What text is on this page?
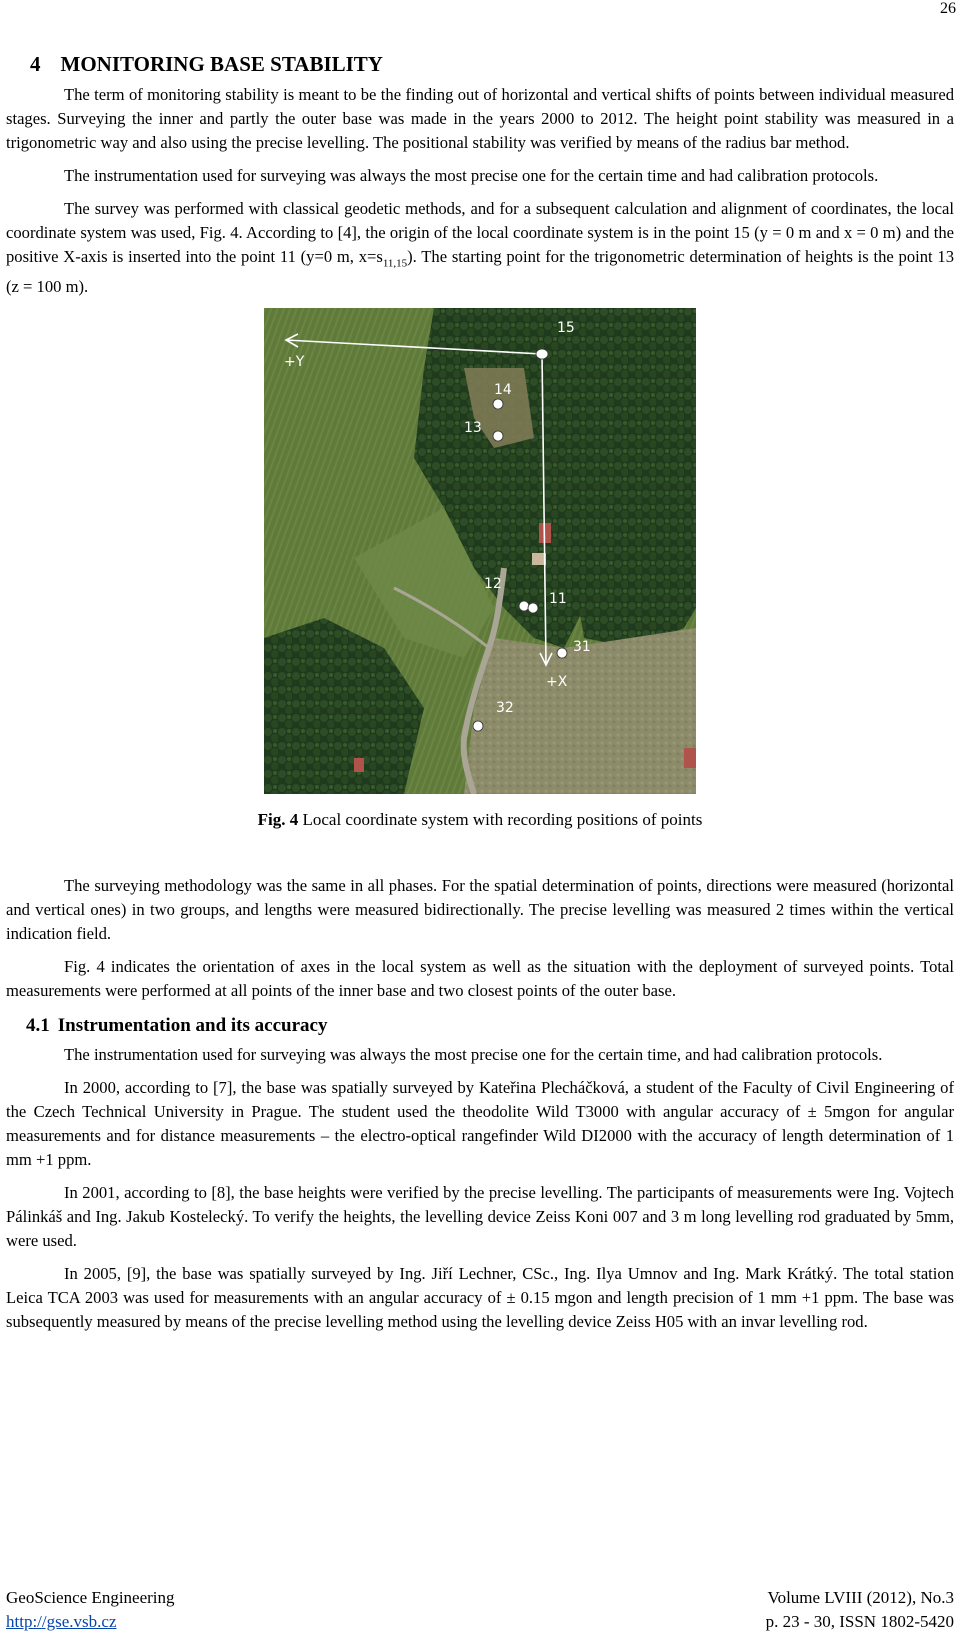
26
4 MONITORING BASE STABILITY

The term of monitoring stability is meant to be the finding out of horizontal and vertical shifts of points between individual measured stages. Surveying the inner and partly the outer base was made in the years 2000 to 2012. The height point stability was measured in a trigonometric way and also using the precise levelling. The positional stability was verified by means of the radius bar method.

The instrumentation used for surveying was always the most precise one for the certain time and had calibration protocols.

The survey was performed with classical geodetic methods, and for a subsequent calculation and alignment of coordinates, the local coordinate system was used, Fig. 4. According to [4], the origin of the local coordinate system is in the point 15 (y = 0 m and x = 0 m) and the positive X-axis is inserted into the point 11 (y=0 m, $x=s_{11,15}$). The starting point for the trigonometric determination of heights is the point 13 (z = 100 m).

+Y
+X
15
14
13
12
11
31
32
Fig. 4 Local coordinate system with recording positions of points

The surveying methodology was the same in all phases. For the spatial determination of points, directions were measured (horizontal and vertical ones) in two groups, and lengths were measured bidirectionally. The precise levelling was measured 2 times within the vertical indication field.

Fig. 4 indicates the orientation of axes in the local system as well as the situation with the deployment of surveyed points. Total measurements were performed at all points of the inner base and two closest points of the outer base.

4.1 Instrumentation and its accuracy

The instrumentation used for surveying was always the most precise one for the certain time, and had calibration protocols.

In 2000, according to [7], the base was spatially surveyed by Kateřina Plecháčková, a student of the Faculty of Civil Engineering of the Czech Technical University in Prague. The student used the theodolite Wild T3000 with angular accuracy of ± 5mgon for angular measurements and for distance measurements – the electro-optical rangefinder Wild DI2000 with the accuracy of length determination of 1 mm +1 ppm.

In 2001, according to [8], the base heights were verified by the precise levelling. The participants of measurements were Ing. Vojtech Pálinkáš and Ing. Jakub Kostelecký. To verify the heights, the levelling device Zeiss Koni 007 and 3 m long levelling rod graduated by 5mm, were used.

In 2005, [9], the base was spatially surveyed by Ing. Jiří Lechner, CSc., Ing. Ilya Umnov and Ing. Mark Krátký. The total station Leica TCA 2003 was used for measurements with an angular accuracy of ± 0.15 mgon and length precision of 1 mm +1 ppm. The base was subsequently measured by means of the precise levelling method using the levelling device Zeiss H05 with an invar levelling rod.

GeoScience Engineering
http://gse.vsb.cz
Volume LVIII (2012), No.3
p. 23 - 30, ISSN 1802-5420
